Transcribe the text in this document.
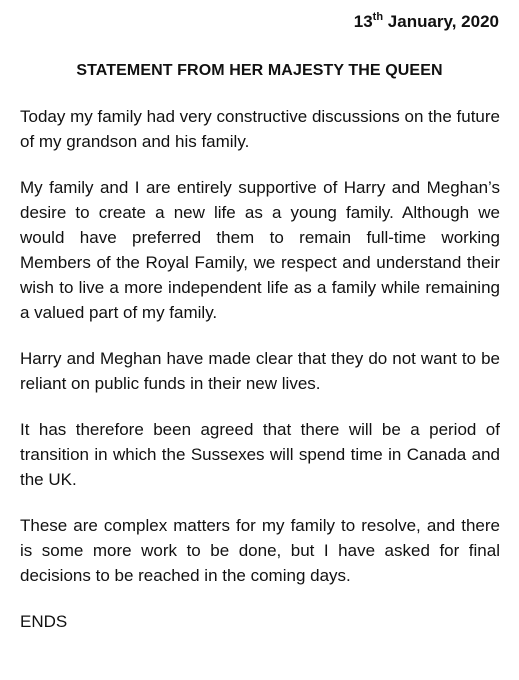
13th January, 2020
STATEMENT FROM HER MAJESTY THE QUEEN

Today my family had very constructive discussions on the future of my grandson and his family.

My family and I are entirely supportive of Harry and Meghan’s desire to create a new life as a young family. Although we would have preferred them to remain full-time working Members of the Royal Family, we respect and understand their wish to live a more independent life as a family while remaining a valued part of my family.

Harry and Meghan have made clear that they do not want to be reliant on public funds in their new lives.

It has therefore been agreed that there will be a period of transition in which the Sussexes will spend time in Canada and the UK.

These are complex matters for my family to resolve, and there is some more work to be done, but I have asked for final decisions to be reached in the coming days.

ENDS
